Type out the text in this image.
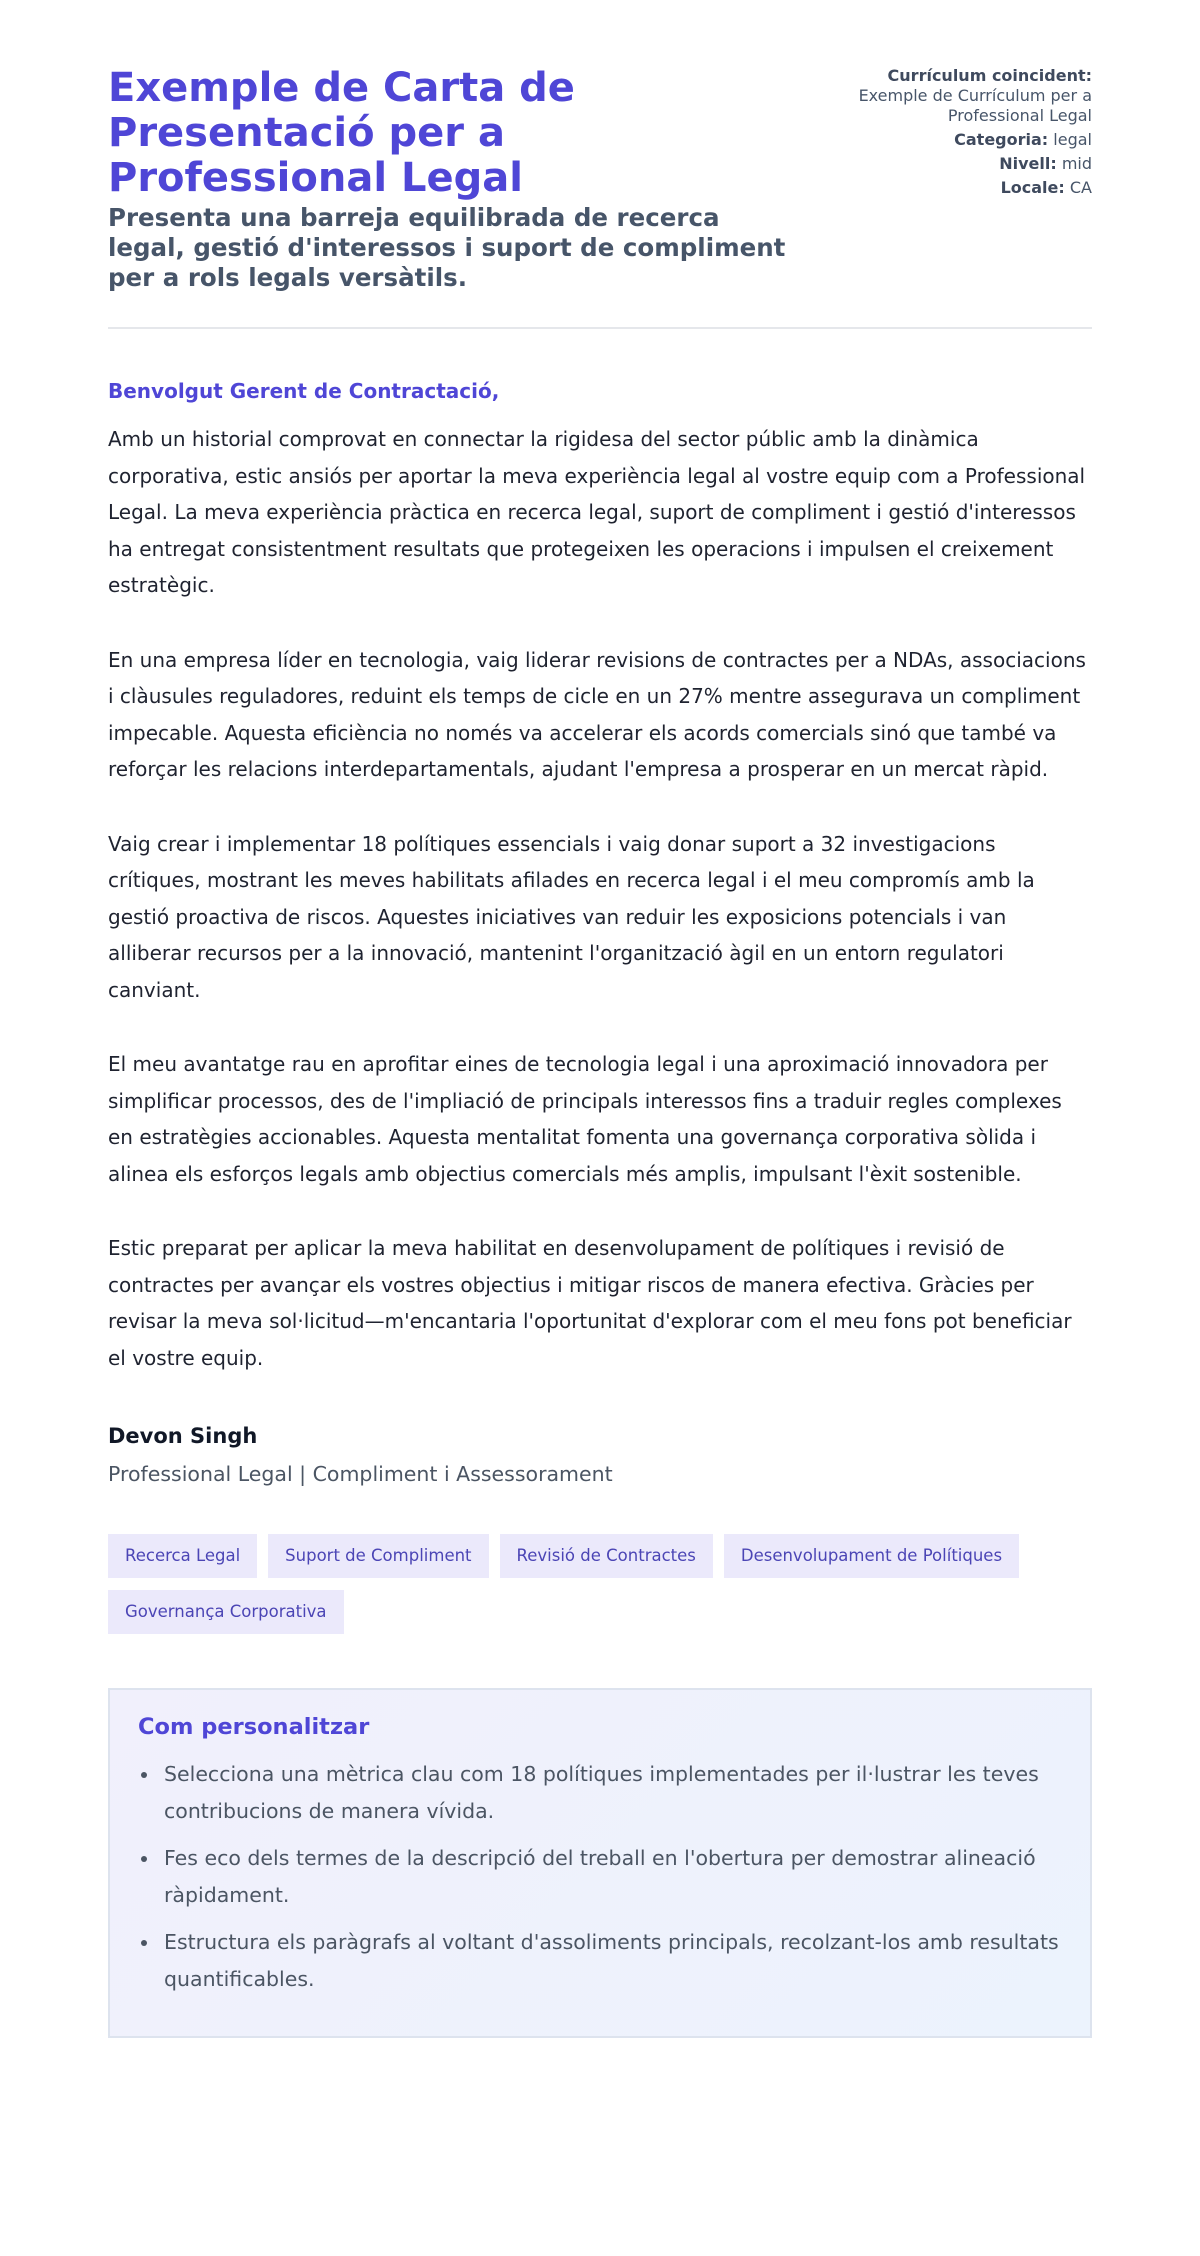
Exemple de Carta de Presentació per a Professional Legal
Presenta una barreja equilibrada de recerca legal, gestió d'interessos i suport de compliment per a rols legals versàtils.
Currículum coincident:
Exemple de Currículum per a Professional Legal
Categoria: legal
Nivell: mid
Locale: CA
Benvolgut Gerent de Contractació,

Amb un historial comprovat en connectar la rigidesa del sector públic amb la dinàmica corporativa, estic ansiós per aportar la meva experiència legal al vostre equip com a Professional Legal. La meva experiència pràctica en recerca legal, suport de compliment i gestió d'interessos ha entregat consistentment resultats que protegeixen les operacions i impulsen el creixement estratègic.

En una empresa líder en tecnologia, vaig liderar revisions de contractes per a NDAs, associacions i clàusules reguladores, reduint els temps de cicle en un 27% mentre assegurava un compliment impecable. Aquesta eficiència no només va accelerar els acords comercials sinó que també va reforçar les relacions interdepartamentals, ajudant l'empresa a prosperar en un mercat ràpid.

Vaig crear i implementar 18 polítiques essencials i vaig donar suport a 32 investigacions crítiques, mostrant les meves habilitats afilades en recerca legal i el meu compromís amb la gestió proactiva de riscos. Aquestes iniciatives van reduir les exposicions potencials i van alliberar recursos per a la innovació, mantenint l'organització àgil en un entorn regulatori canviant.

El meu avantatge rau en aprofitar eines de tecnologia legal i una aproximació innovadora per simplificar processos, des de l'impliació de principals interessos fins a traduir regles complexes en estratègies accionables. Aquesta mentalitat fomenta una governança corporativa sòlida i alinea els esforços legals amb objectius comercials més amplis, impulsant l'èxit sostenible.

Estic preparat per aplicar la meva habilitat en desenvolupament de polítiques i revisió de contractes per avançar els vostres objectius i mitigar riscos de manera efectiva. Gràcies per revisar la meva sol·licitud—m'encantaria l'oportunitat d'explorar com el meu fons pot beneficiar el vostre equip.

Devon Singh
Professional Legal | Compliment i Assessorament
Recerca Legal	Suport de Compliment	Revisió de Contractes	Desenvolupament de Polítiques
Governança Corporativa
Com personalitzar
Selecciona una mètrica clau com 18 polítiques implementades per il·lustrar les teves contribucions de manera vívida.
Fes eco dels termes de la descripció del treball en l'obertura per demostrar alineació ràpidament.
Estructura els paràgrafs al voltant d'assoliments principals, recolzant-los amb resultats quantificables.
